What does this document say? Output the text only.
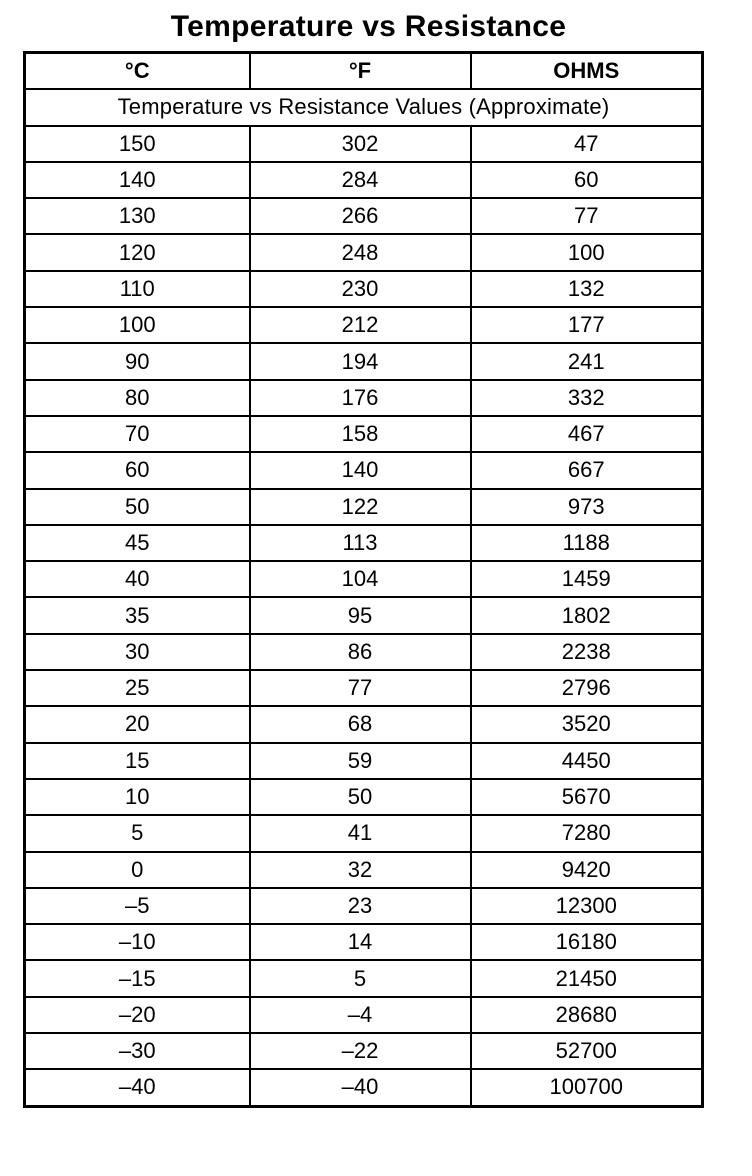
Temperature vs Resistance
°C	°F	OHMS
Temperature vs Resistance Values (Approximate)		
150	302	47
140	284	60
130	266	77
120	248	100
110	230	132
100	212	177
90	194	241
80	176	332
70	158	467
60	140	667
50	122	973
45	113	1188
40	104	1459
35	95	1802
30	86	2238
25	77	2796
20	68	3520
15	59	4450
10	50	5670
5	41	7280
0	32	9420
–5	23	12300
–10	14	16180
–15	5	21450
–20	–4	28680
–30	–22	52700
–40	–40	100700
